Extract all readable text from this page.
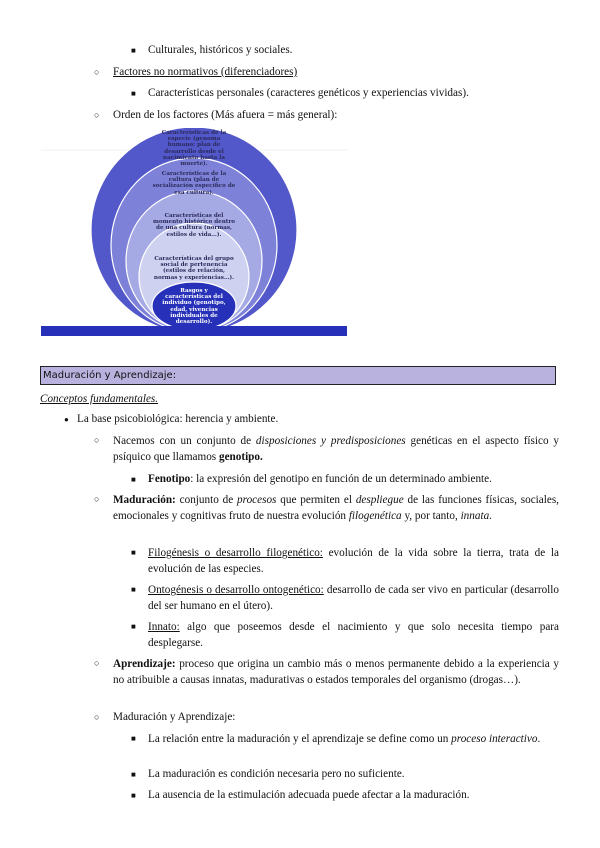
■ Culturales, históricos y sociales.
○ Factores no normativos (diferenciadores)
■ Características personales (caracteres genéticos y experiencias vividas).
○ Orden de los factores (Más afuera = más general):
Características de la especie (genoma humano: plan de desarrollo desde el nacimiento hasta la muerte).
Características de la cultura (plan de socialización específico de esa cultura).
Características del momento histórico dentro de una cultura (normas, estilos de vida…).
Características del grupo social de pertenencia (estilos de relación, normas y experiencias…).
Rasgos y características del individuo (genotipo, edad, vivencias individuales de desarrollo).
Maduración y Aprendizaje:
Conceptos fundamentales.
● La base psicobiológica: herencia y ambiente.
○ Nacemos con un conjunto de disposiciones y predisposiciones genéticas en el aspecto físico y psíquico que llamamos genotipo.
■ Fenotipo: la expresión del genotipo en función de un determinado ambiente.
○ Maduración: conjunto de procesos que permiten el despliegue de las funciones físicas, sociales, emocionales y cognitivas fruto de nuestra evolución filogenética y, por tanto, innata.
■ Filogénesis o desarrollo filogenético: evolución de la vida sobre la tierra, trata de la evolución de las especies.
■ Ontogénesis o desarrollo ontogenético: desarrollo de cada ser vivo en particular (desarrollo del ser humano en el útero).
■ Innato: algo que poseemos desde el nacimiento y que solo necesita tiempo para desplegarse.
○ Aprendizaje: proceso que origina un cambio más o menos permanente debido a la experiencia y no atribuible a causas innatas, madurativas o estados temporales del organismo (drogas…).
○ Maduración y Aprendizaje:
■ La relación entre la maduración y el aprendizaje se define como un proceso interactivo.
■ La maduración es condición necesaria pero no suficiente.
■ La ausencia de la estimulación adecuada puede afectar a la maduración.
